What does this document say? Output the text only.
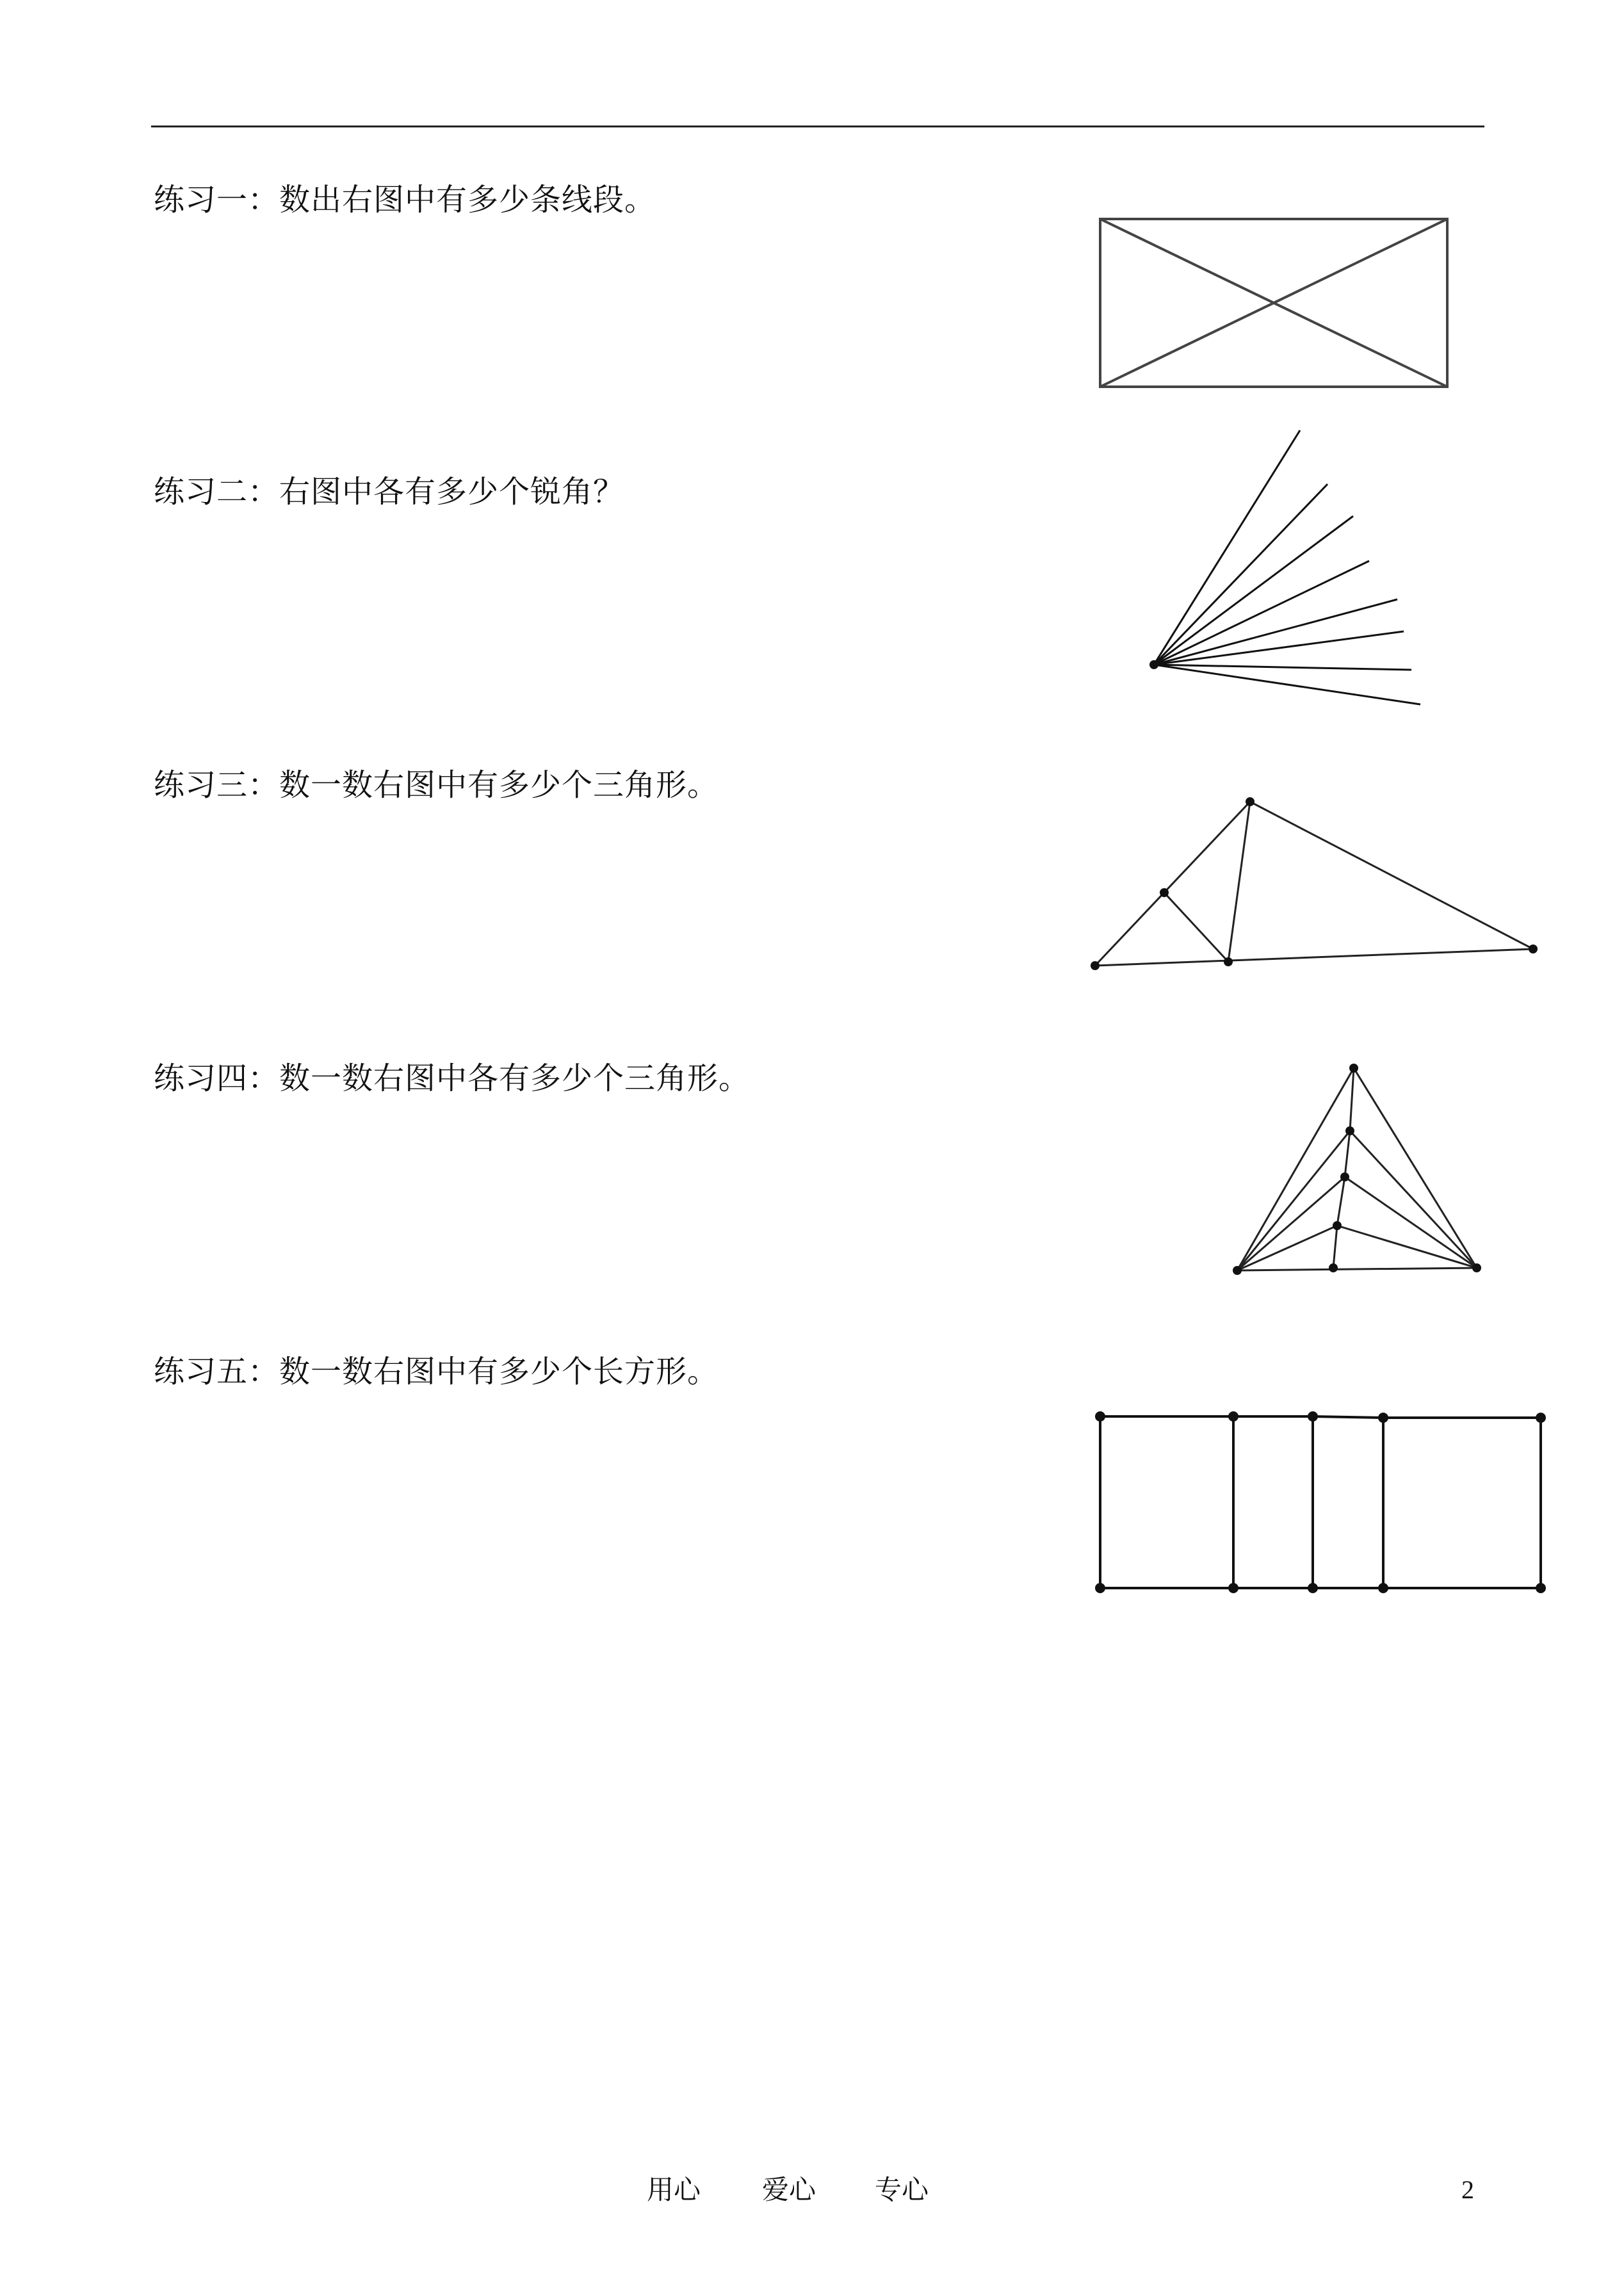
练习一：数出右图中有多少条线段。
练习二：右图中各有多少个锐角？
练习三：数一数右图中有多少个三角形。
练习四：数一数右图中各有多少个三角形。
练习五：数一数右图中有多少个长方形。
用心 爱心 专心	2
